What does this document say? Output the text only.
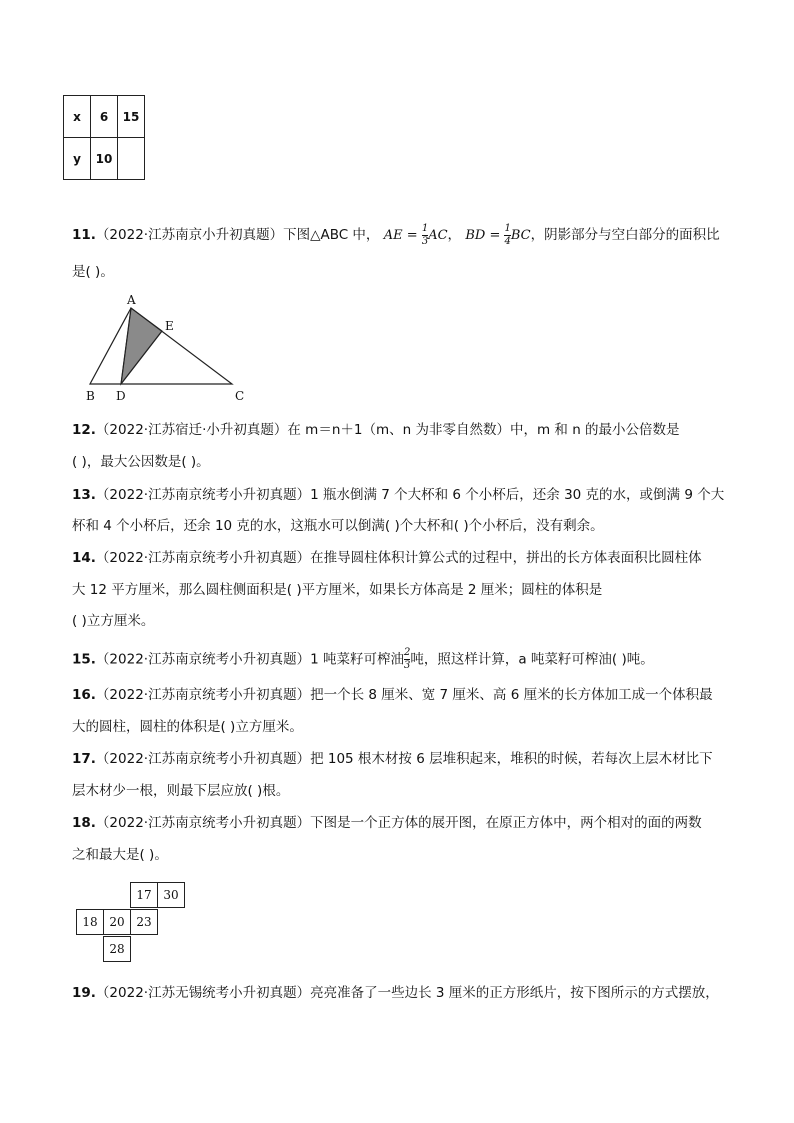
x	6	15
y	10	
11.（2022·江苏南京小升初真题）下图△ABC 中， AE = $\frac{1}{3}$ AC， BD = $\frac{1}{4}$ BC，阴影部分与空白部分的面积比
是( )。
A
E
B D	C
12.（2022·江苏宿迁·小升初真题）在 m＝n＋1（m、n 为非零自然数）中，m 和 n 的最小公倍数是
( )，最大公因数是( )。
13.（2022·江苏南京统考小升初真题）1 瓶水倒满 7 个大杯和 6 个小杯后，还余 30 克的水，或倒满 9 个大
杯和 4 个小杯后，还余 10 克的水，这瓶水可以倒满( )个大杯和( )个小杯后，没有剩余。
14.（2022·江苏南京统考小升初真题）在推导圆柱体积计算公式的过程中，拼出的长方体表面积比圆柱体
大 12 平方厘米，那么圆柱侧面积是( )平方厘米，如果长方体高是 2 厘米；圆柱的体积是
( )立方厘米。
15.（2022·江苏南京统考小升初真题）1 吨菜籽可榨油 $\frac{2}{3}$ 吨，照这样计算，a 吨菜籽可榨油( )吨。
16.（2022·江苏南京统考小升初真题）把一个长 8 厘米、宽 7 厘米、高 6 厘米的长方体加工成一个体积最
大的圆柱，圆柱的体积是( )立方厘米。
17.（2022·江苏南京统考小升初真题）把 105 根木材按 6 层堆积起来，堆积的时候，若每次上层木材比下
层木材少一根，则最下层应放( )根。
18.（2022·江苏南京统考小升初真题）下图是一个正方体的展开图，在原正方体中，两个相对的面的两数
之和最大是( )。
17 30
18 20 23
28
19.（2022·江苏无锡统考小升初真题）亮亮准备了一些边长 3 厘米的正方形纸片，按下图所示的方式摆放，
